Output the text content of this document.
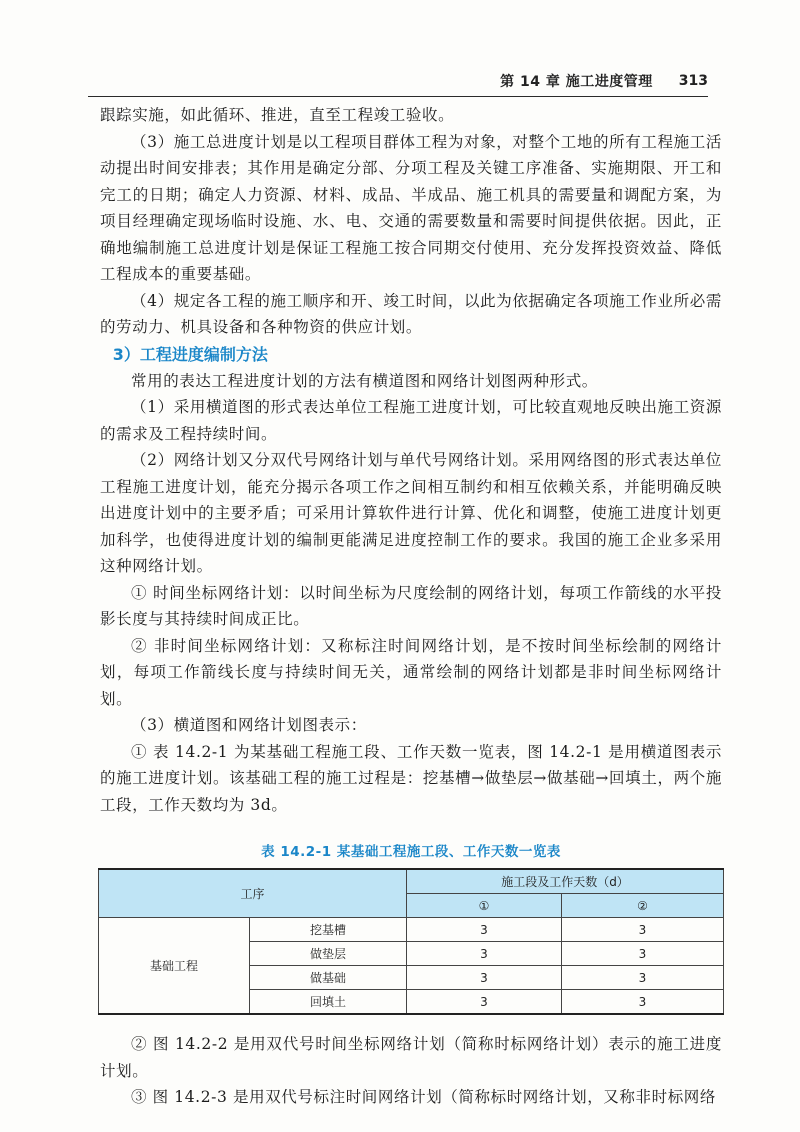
第 14 章 施工进度管理 313

跟踪实施，如此循环、推进，直至工程竣工验收。

（3）施工总进度计划是以工程项目群体工程为对象，对整个工地的所有工程施工活动提出时间安排表；其作用是确定分部、分项工程及关键工序准备、实施期限、开工和完工的日期；确定人力资源、材料、成品、半成品、施工机具的需要量和调配方案，为项目经理确定现场临时设施、水、电、交通的需要数量和需要时间提供依据。因此，正确地编制施工总进度计划是保证工程施工按合同期交付使用、充分发挥投资效益、降低工程成本的重要基础。

（4）规定各工程的施工顺序和开、竣工时间，以此为依据确定各项施工作业所必需的劳动力、机具设备和各种物资的供应计划。

3）工程进度编制方法

常用的表达工程进度计划的方法有横道图和网络计划图两种形式。

（1）采用横道图的形式表达单位工程施工进度计划，可比较直观地反映出施工资源的需求及工程持续时间。

（2）网络计划又分双代号网络计划与单代号网络计划。采用网络图的形式表达单位工程施工进度计划，能充分揭示各项工作之间相互制约和相互依赖关系，并能明确反映出进度计划中的主要矛盾；可采用计算软件进行计算、优化和调整，使施工进度计划更加科学，也使得进度计划的编制更能满足进度控制工作的要求。我国的施工企业多采用这种网络计划。

① 时间坐标网络计划：以时间坐标为尺度绘制的网络计划，每项工作箭线的水平投影长度与其持续时间成正比。

② 非时间坐标网络计划：又称标注时间网络计划，是不按时间坐标绘制的网络计划，每项工作箭线长度与持续时间无关，通常绘制的网络计划都是非时间坐标网络计划。

（3）横道图和网络计划图表示：

① 表 14.2-1 为某基础工程施工段、工作天数一览表，图 14.2-1 是用横道图表示的施工进度计划。该基础工程的施工过程是：挖基槽→做垫层→做基础→回填土，两个施工段，工作天数均为 3d。

表 14.2-1 某基础工程施工段、工作天数一览表
工序		施工段及工作天数（d）	
		①	②
基础工程	挖基槽	3	3
	做垫层	3	3
	做基础	3	3
	回填土	3	3

② 图 14.2-2 是用双代号时间坐标网络计划（简称时标网络计划）表示的施工进度计划。

③ 图 14.2-3 是用双代号标注时间网络计划（简称标时网络计划，又称非时标网络
